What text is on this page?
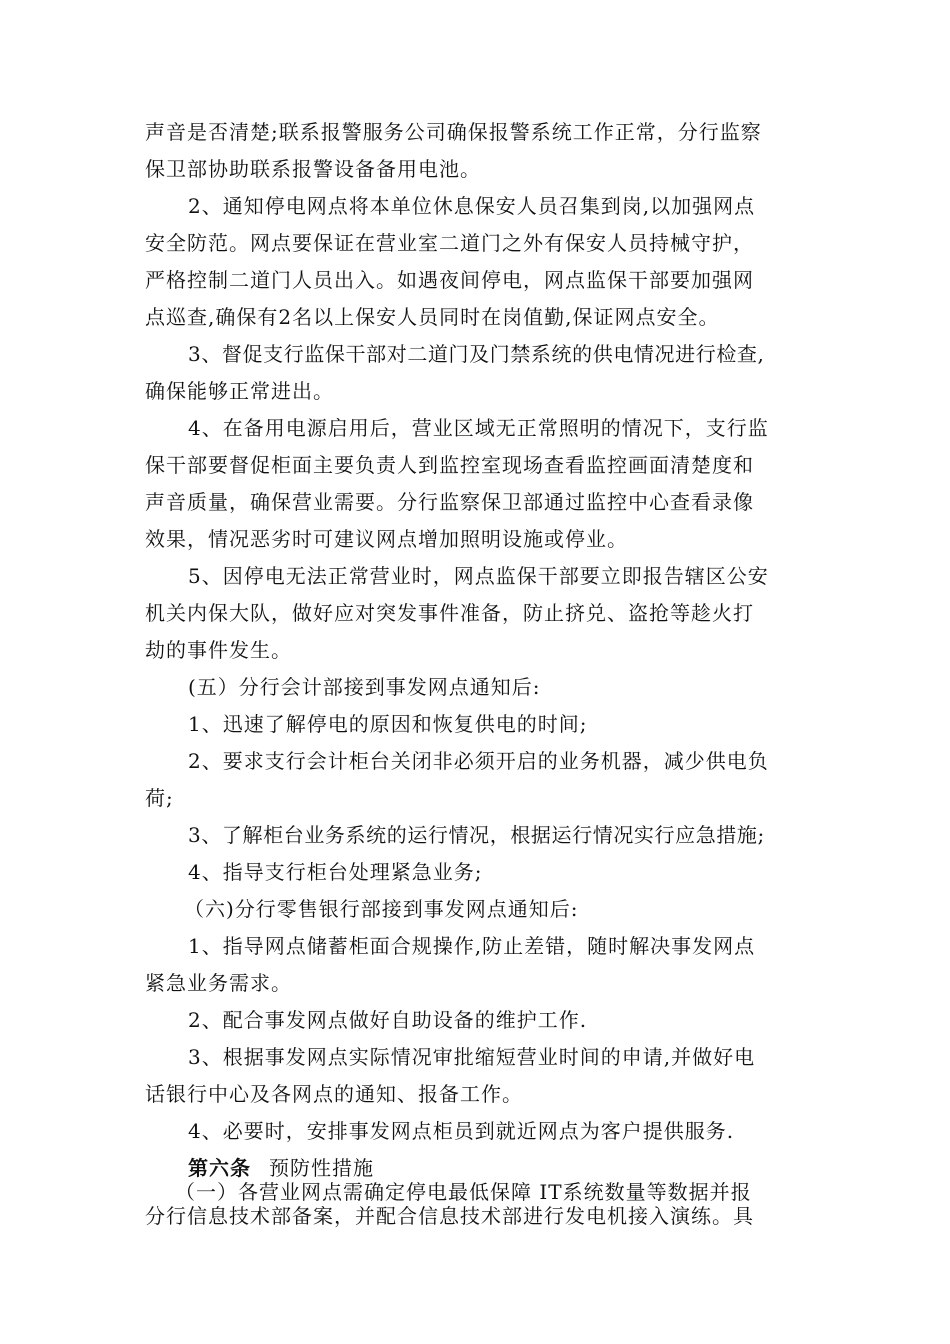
声音是否清楚;联系报警服务公司确保报警系统工作正常，分行监察
保卫部协助联系报警设备备用电池。
2、通知停电网点将本单位休息保安人员召集到岗,以加强网点
安全防范。网点要保证在营业室二道门之外有保安人员持械守护，
严格控制二道门人员出入。如遇夜间停电，网点监保干部要加强网
点巡查,确保有2名以上保安人员同时在岗值勤,保证网点安全。
3、督促支行监保干部对二道门及门禁系统的供电情况进行检查,
确保能够正常进出。
4、在备用电源启用后，营业区域无正常照明的情况下，支行监
保干部要督促柜面主要负责人到监控室现场查看监控画面清楚度和
声音质量，确保营业需要。分行监察保卫部通过监控中心查看录像
效果，情况恶劣时可建议网点增加照明设施或停业。
5、因停电无法正常营业时，网点监保干部要立即报告辖区公安
机关内保大队，做好应对突发事件准备，防止挤兑、盗抢等趁火打
劫的事件发生。
(五）分行会计部接到事发网点通知后:
1、迅速了解停电的原因和恢复供电的时间;
2、要求支行会计柜台关闭非必须开启的业务机器，减少供电负
荷;
3、了解柜台业务系统的运行情况，根据运行情况实行应急措施;
4、指导支行柜台处理紧急业务;
（六)分行零售银行部接到事发网点通知后:
1、指导网点储蓄柜面合规操作,防止差错，随时解决事发网点
紧急业务需求。
2、配合事发网点做好自助设备的维护工作.
3、根据事发网点实际情况审批缩短营业时间的申请,并做好电
话银行中心及各网点的通知、报备工作。
4、必要时，安排事发网点柜员到就近网点为客户提供服务.
第六条 预防性措施
（一）各营业网点需确定停电最低保障 IT系统数量等数据并报
分行信息技术部备案，并配合信息技术部进行发电机接入演练。具
